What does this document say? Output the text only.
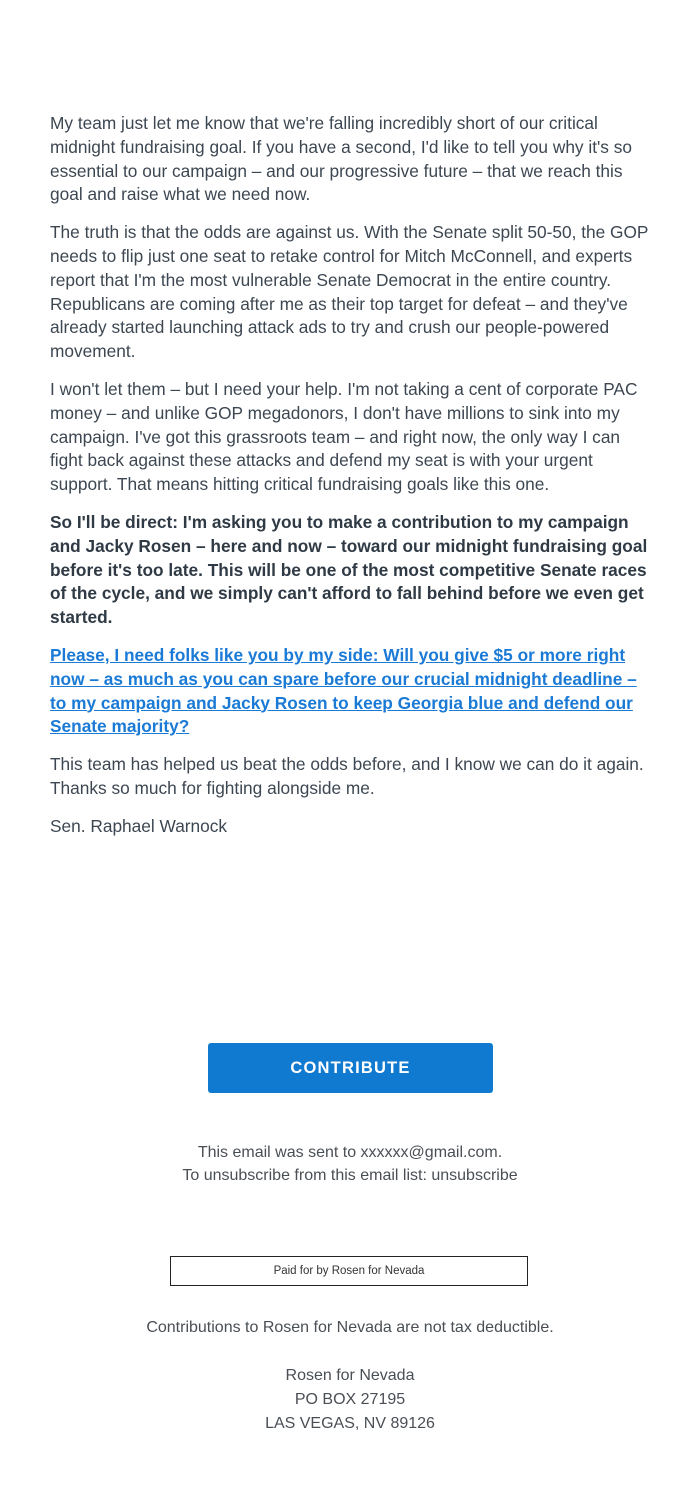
My team just let me know that we're falling incredibly short of our critical midnight fundraising goal. If you have a second, I'd like to tell you why it's so essential to our campaign – and our progressive future – that we reach this goal and raise what we need now.

The truth is that the odds are against us. With the Senate split 50-50, the GOP needs to flip just one seat to retake control for Mitch McConnell, and experts report that I'm the most vulnerable Senate Democrat in the entire country. Republicans are coming after me as their top target for defeat – and they've already started launching attack ads to try and crush our people-powered movement.

I won't let them – but I need your help. I'm not taking a cent of corporate PAC money – and unlike GOP megadonors, I don't have millions to sink into my campaign. I've got this grassroots team – and right now, the only way I can fight back against these attacks and defend my seat is with your urgent support. That means hitting critical fundraising goals like this one.

So I'll be direct: I'm asking you to make a contribution to my campaign and Jacky Rosen – here and now – toward our midnight fundraising goal before it's too late. This will be one of the most competitive Senate races of the cycle, and we simply can't afford to fall behind before we even get started.

Please, I need folks like you by my side: Will you give $5 or more right now – as much as you can spare before our crucial midnight deadline – to my campaign and Jacky Rosen to keep Georgia blue and defend our Senate majority?

This team has helped us beat the odds before, and I know we can do it again. Thanks so much for fighting alongside me.

Sen. Raphael Warnock

CONTRIBUTE
This email was sent to xxxxxx@gmail.com.
To unsubscribe from this email list: unsubscribe
Paid for by Rosen for Nevada
Contributions to Rosen for Nevada are not tax deductible.
Rosen for Nevada
PO BOX 27195
LAS VEGAS, NV 89126
